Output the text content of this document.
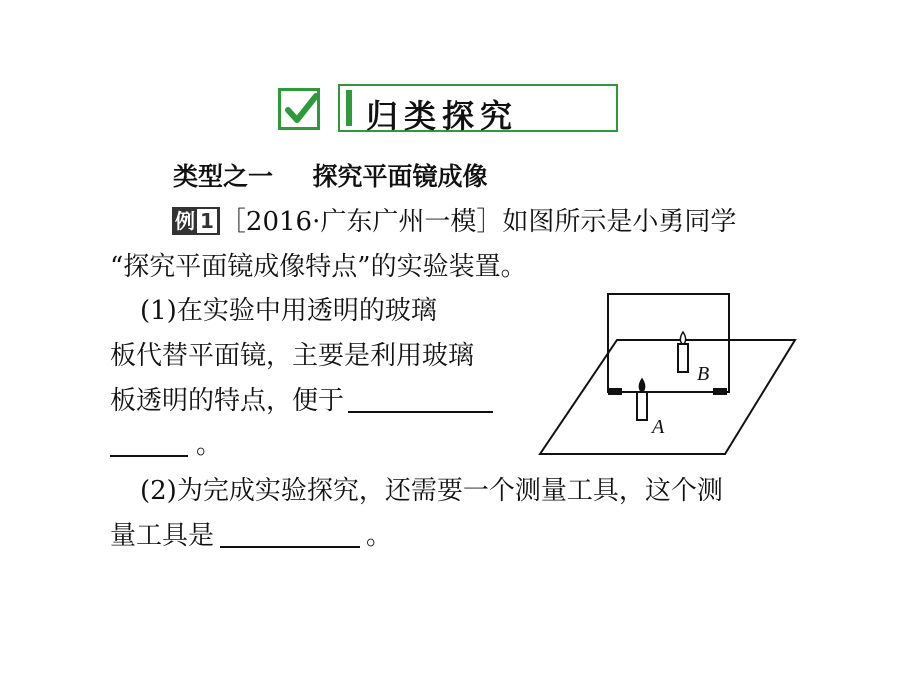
归类探究
类型之一 探究平面镜成像
例 1 ［2016·广东广州一模］如图所示是小勇同学
“探究平面镜成像特点”的实验装置。
(1)在实验中用透明的玻璃
板代替平面镜，主要是利用玻璃
板透明的特点，便于
。
(2)为完成实验探究，还需要一个测量工具，这个测
量工具是	。
B
A
